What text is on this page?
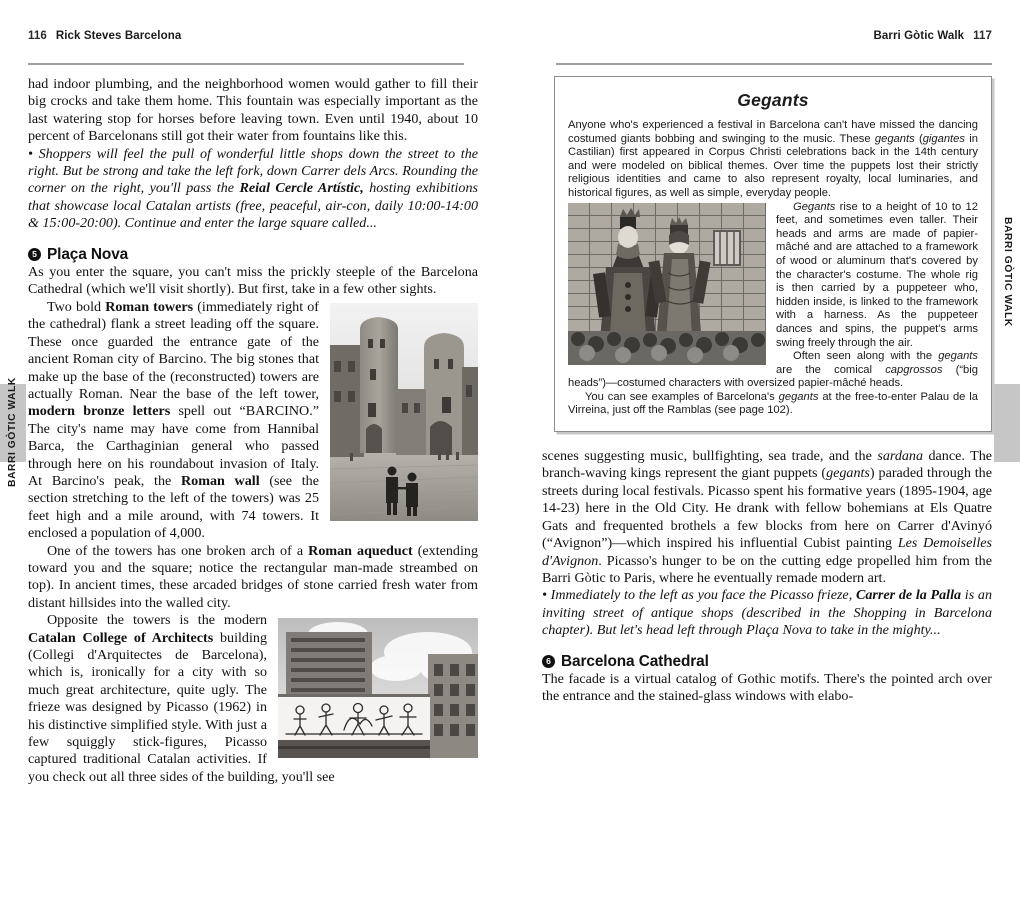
116 Rick Steves Barcelona

had indoor plumbing, and the neighborhood women would gather to fill their big crocks and take them home. This fountain was especially important as the last watering stop for horses before leaving town. Even until 1940, about 10 percent of Barcelonans still got their water from fountains like this.

• Shoppers will feel the pull of wonderful little shops down the street to the right. But be strong and take the left fork, down Carrer dels Arcs. Rounding the corner on the right, you'll pass the Reial Cercle Artístic, hosting exhibitions that showcase local Catalan artists (free, peaceful, air-con, daily 10:00-14:00 & 15:00-20:00). Continue and enter the large square called...

5 Plaça Nova

As you enter the square, you can't miss the prickly steeple of the Barcelona Cathedral (which we'll visit shortly). But first, take in a few other sights.

Two bold Roman towers (immediately right of the cathedral) flank a street leading off the square. These once guarded the entrance gate of the ancient Roman city of Barcino. The big stones that make up the base of the (reconstructed) towers are actually Roman. Near the base of the left tower, modern bronze letters spell out “BARCINO.” The city's name may have come from Hannibal Barca, the Carthaginian general who passed through here on his roundabout invasion of Italy. At Barcino's peak, the Roman wall (see the section stretching to the left of the towers) was 25 feet high and a mile around, with 74 towers. It enclosed a population of 4,000.

One of the towers has one broken arch of a Roman aqueduct (extending toward you and the square; notice the rectangular man-made streambed on top). In ancient times, these arcaded bridges of stone carried fresh water from distant hillsides into the walled city.

Opposite the towers is the modern Catalan College of Architects building (Collegi d'Arquitectes de Barcelona), which is, ironically for a city with so much great architecture, quite ugly. The frieze was designed by Picasso (1962) in his distinctive simplified style. With just a few squiggly stick-figures, Picasso captured traditional Catalan activities. If you check out all three sides of the building, you'll see

Barri Gòtic Walk 117
Gegants

Anyone who's experienced a festival in Barcelona can't have missed the dancing costumed giants bobbing and swinging to the music. These gegants (gigantes in Castilian) first appeared in Corpus Christi celebrations back in the 14th century and were modeled on biblical themes. Over time the puppets lost their strictly religious identities and came to also represent royalty, local luminaries, and historical figures, as well as simple, everyday people.

Gegants rise to a height of 10 to 12 feet, and sometimes even taller. Their heads and arms are made of papier-mâché and are attached to a framework of wood or aluminum that's covered by the character's costume. The whole rig is then carried by a puppeteer who, hidden inside, is linked to the framework with a harness. As the puppeteer dances and spins, the puppet's arms swing freely through the air.

Often seen along with the gegants are the comical capgrossos (“big heads”)—costumed characters with oversized papier-mâché heads.

You can see examples of Barcelona's gegants at the free-to-enter Palau de la Virreina, just off the Ramblas (see page 102).

scenes suggesting music, bullfighting, sea trade, and the sardana dance. The branch-waving kings represent the giant puppets (gegants) paraded through the streets during local festivals. Picasso spent his formative years (1895-1904, age 14-23) here in the Old City. He drank with fellow bohemians at Els Quatre Gats and frequented brothels a few blocks from here on Carrer d'Avinyó (“Avignon”)—which inspired his influential Cubist painting Les Demoiselles d'Avignon. Picasso's hunger to be on the cutting edge propelled him from the Barri Gòtic to Paris, where he eventually remade modern art.

• Immediately to the left as you face the Picasso frieze, Carrer de la Palla is an inviting street of antique shops (described in the Shopping in Barcelona chapter). But let's head left through Plaça Nova to take in the mighty...

6 Barcelona Cathedral

The facade is a virtual catalog of Gothic motifs. There's the pointed arch over the entrance and the stained-glass windows with elabo-

BARRI GÒTIC WALK
BARRI GÒTIC WALK
